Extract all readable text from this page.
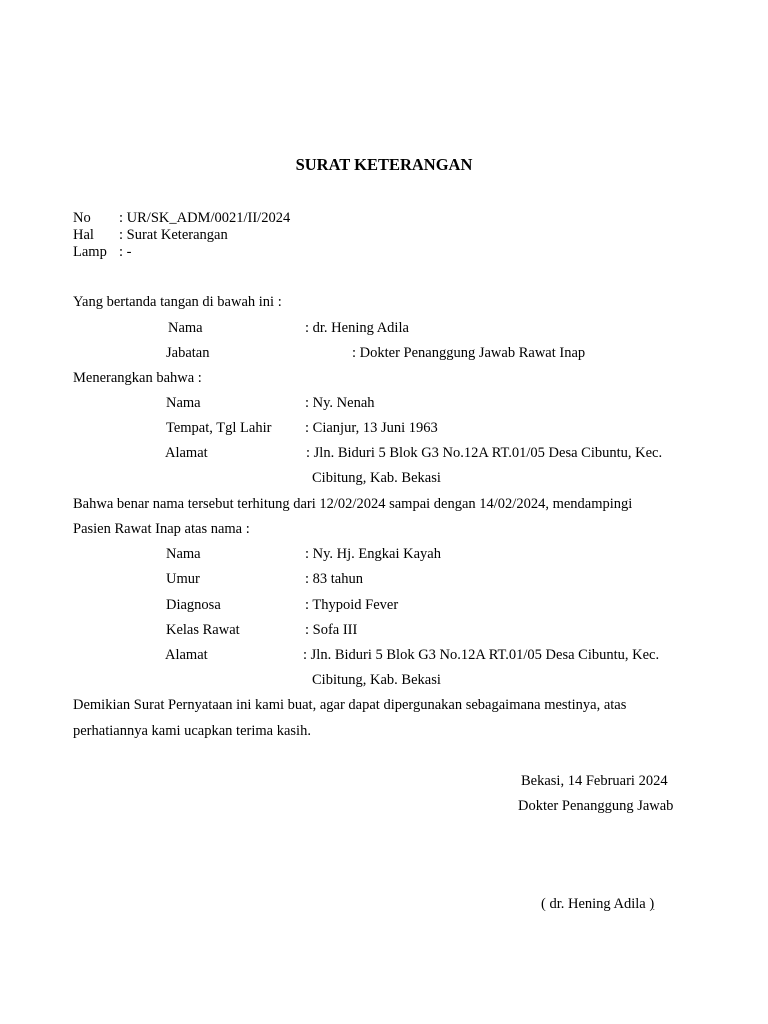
SURAT KETERANGAN
No : UR/SK_ADM/0021/II/2024
Hal : Surat Keterangan
Lamp : -
Yang bertanda tangan di bawah ini :
Nama	: dr. Hening Adila
Jabatan	: Dokter Penanggung Jawab Rawat Inap
Menerangkan bahwa :
Nama	: Ny. Nenah
Tempat, Tgl Lahir : Cianjur, 13 Juni 1963
Alamat	: Jln. Biduri 5 Blok G3 No.12A RT.01/05 Desa Cibuntu, Kec.
Cibitung, Kab. Bekasi
Bahwa benar nama tersebut terhitung dari 12/02/2024 sampai dengan 14/02/2024, mendampingi
Pasien Rawat Inap atas nama :
Nama	: Ny. Hj. Engkai Kayah
Umur	: 83 tahun
Diagnosa	: Thypoid Fever
Kelas Rawat	: Sofa III
Alamat	: Jln. Biduri 5 Blok G3 No.12A RT.01/05 Desa Cibuntu, Kec.
Cibitung, Kab. Bekasi
Demikian Surat Pernyataan ini kami buat, agar dapat dipergunakan sebagaimana mestinya, atas
perhatiannya kami ucapkan terima kasih.
Bekasi, 14 Februari 2024
Dokter Penanggung Jawab
( dr. Hening Adila )
